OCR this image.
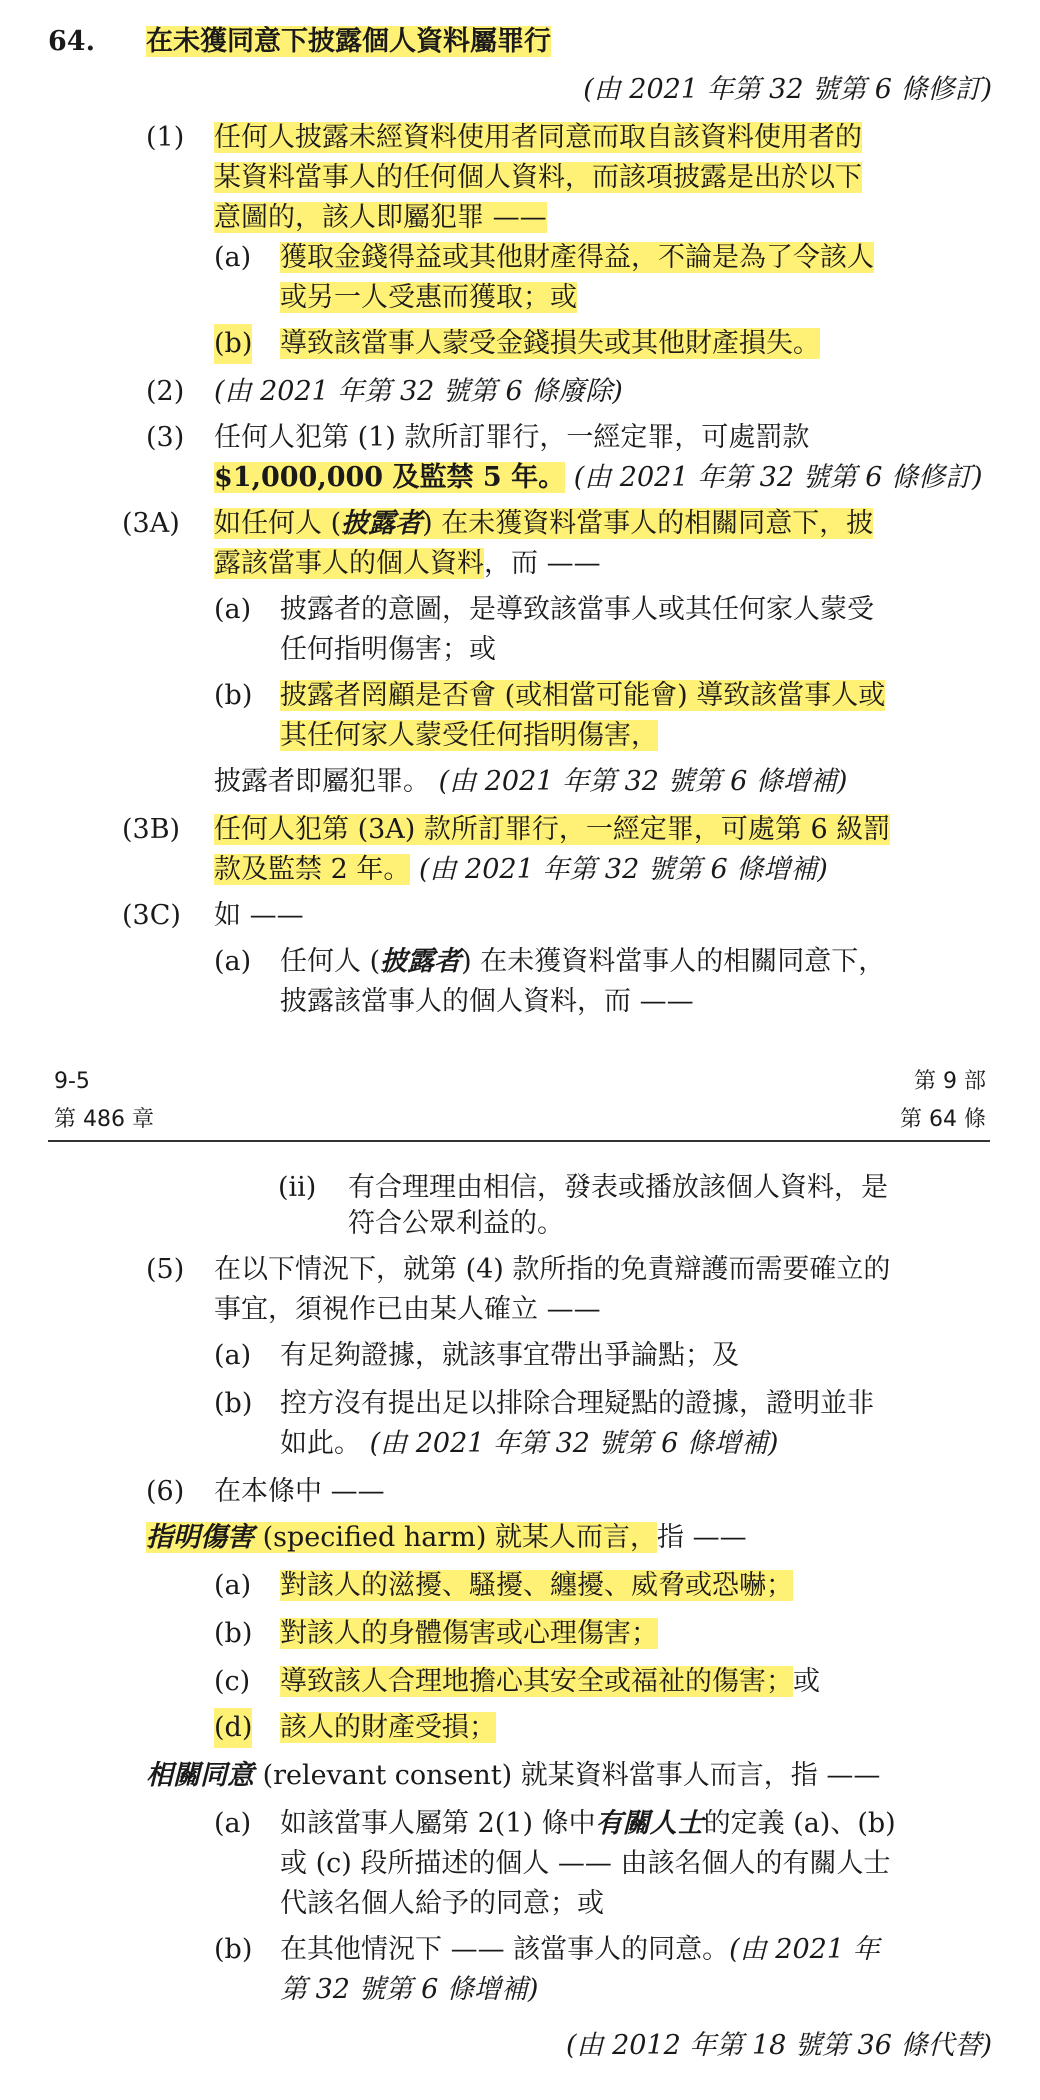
64. 在未獲同意下披露個人資料屬罪行
(由 2021 年第 32 號第 6 條修訂)
(1) 任何人披露未經資料使用者同意而取自該資料使用者的
某資料當事人的任何個人資料，而該項披露是出於以下
意圖的，該人即屬犯罪 ——
(a) 獲取金錢得益或其他財產得益，不論是為了令該人
或另一人受惠而獲取；或
(b) 導致該當事人蒙受金錢損失或其他財產損失。
(2) (由 2021 年第 32 號第 6 條廢除)
(3) 任何人犯第 (1) 款所訂罪行，一經定罪，可處罰款
$1,000,000 及監禁 5 年。 (由 2021 年第 32 號第 6 條修訂)
(3A) 如任何人 (披露者) 在未獲資料當事人的相關同意下，披
露該當事人的個人資料，而 ——
(a) 披露者的意圖，是導致該當事人或其任何家人蒙受
任何指明傷害；或
(b) 披露者罔顧是否會 (或相當可能會) 導致該當事人或
其任何家人蒙受任何指明傷害，
披露者即屬犯罪。 (由 2021 年第 32 號第 6 條增補)
(3B) 任何人犯第 (3A) 款所訂罪行，一經定罪，可處第 6 級罰
款及監禁 2 年。 (由 2021 年第 32 號第 6 條增補)
(3C) 如 ——
(a) 任何人 (披露者) 在未獲資料當事人的相關同意下，
披露該當事人的個人資料，而 ——
9-5
第 486 章
第 9 部
第 64 條
(ii) 有合理理由相信，發表或播放該個人資料，是
符合公眾利益的。
(5) 在以下情況下，就第 (4) 款所指的免責辯護而需要確立的
事宜，須視作已由某人確立 ——
(a) 有足夠證據，就該事宜帶出爭論點；及
(b) 控方沒有提出足以排除合理疑點的證據，證明並非
如此。 (由 2021 年第 32 號第 6 條增補)
(6) 在本條中 ——
指明傷害 (specified harm) 就某人而言，指 ——
(a) 對該人的滋擾、騷擾、纏擾、威脅或恐嚇；
(b) 對該人的身體傷害或心理傷害；
(c) 導致該人合理地擔心其安全或福祉的傷害；或
(d) 該人的財產受損；
相關同意 (relevant consent) 就某資料當事人而言，指 ——
(a) 如該當事人屬第 2(1) 條中有關人士的定義 (a)、(b)
或 (c) 段所描述的個人 —— 由該名個人的有關人士
代該名個人給予的同意；或
(b) 在其他情況下 —— 該當事人的同意。(由 2021 年
第 32 號第 6 條增補)
(由 2012 年第 18 號第 36 條代替)
